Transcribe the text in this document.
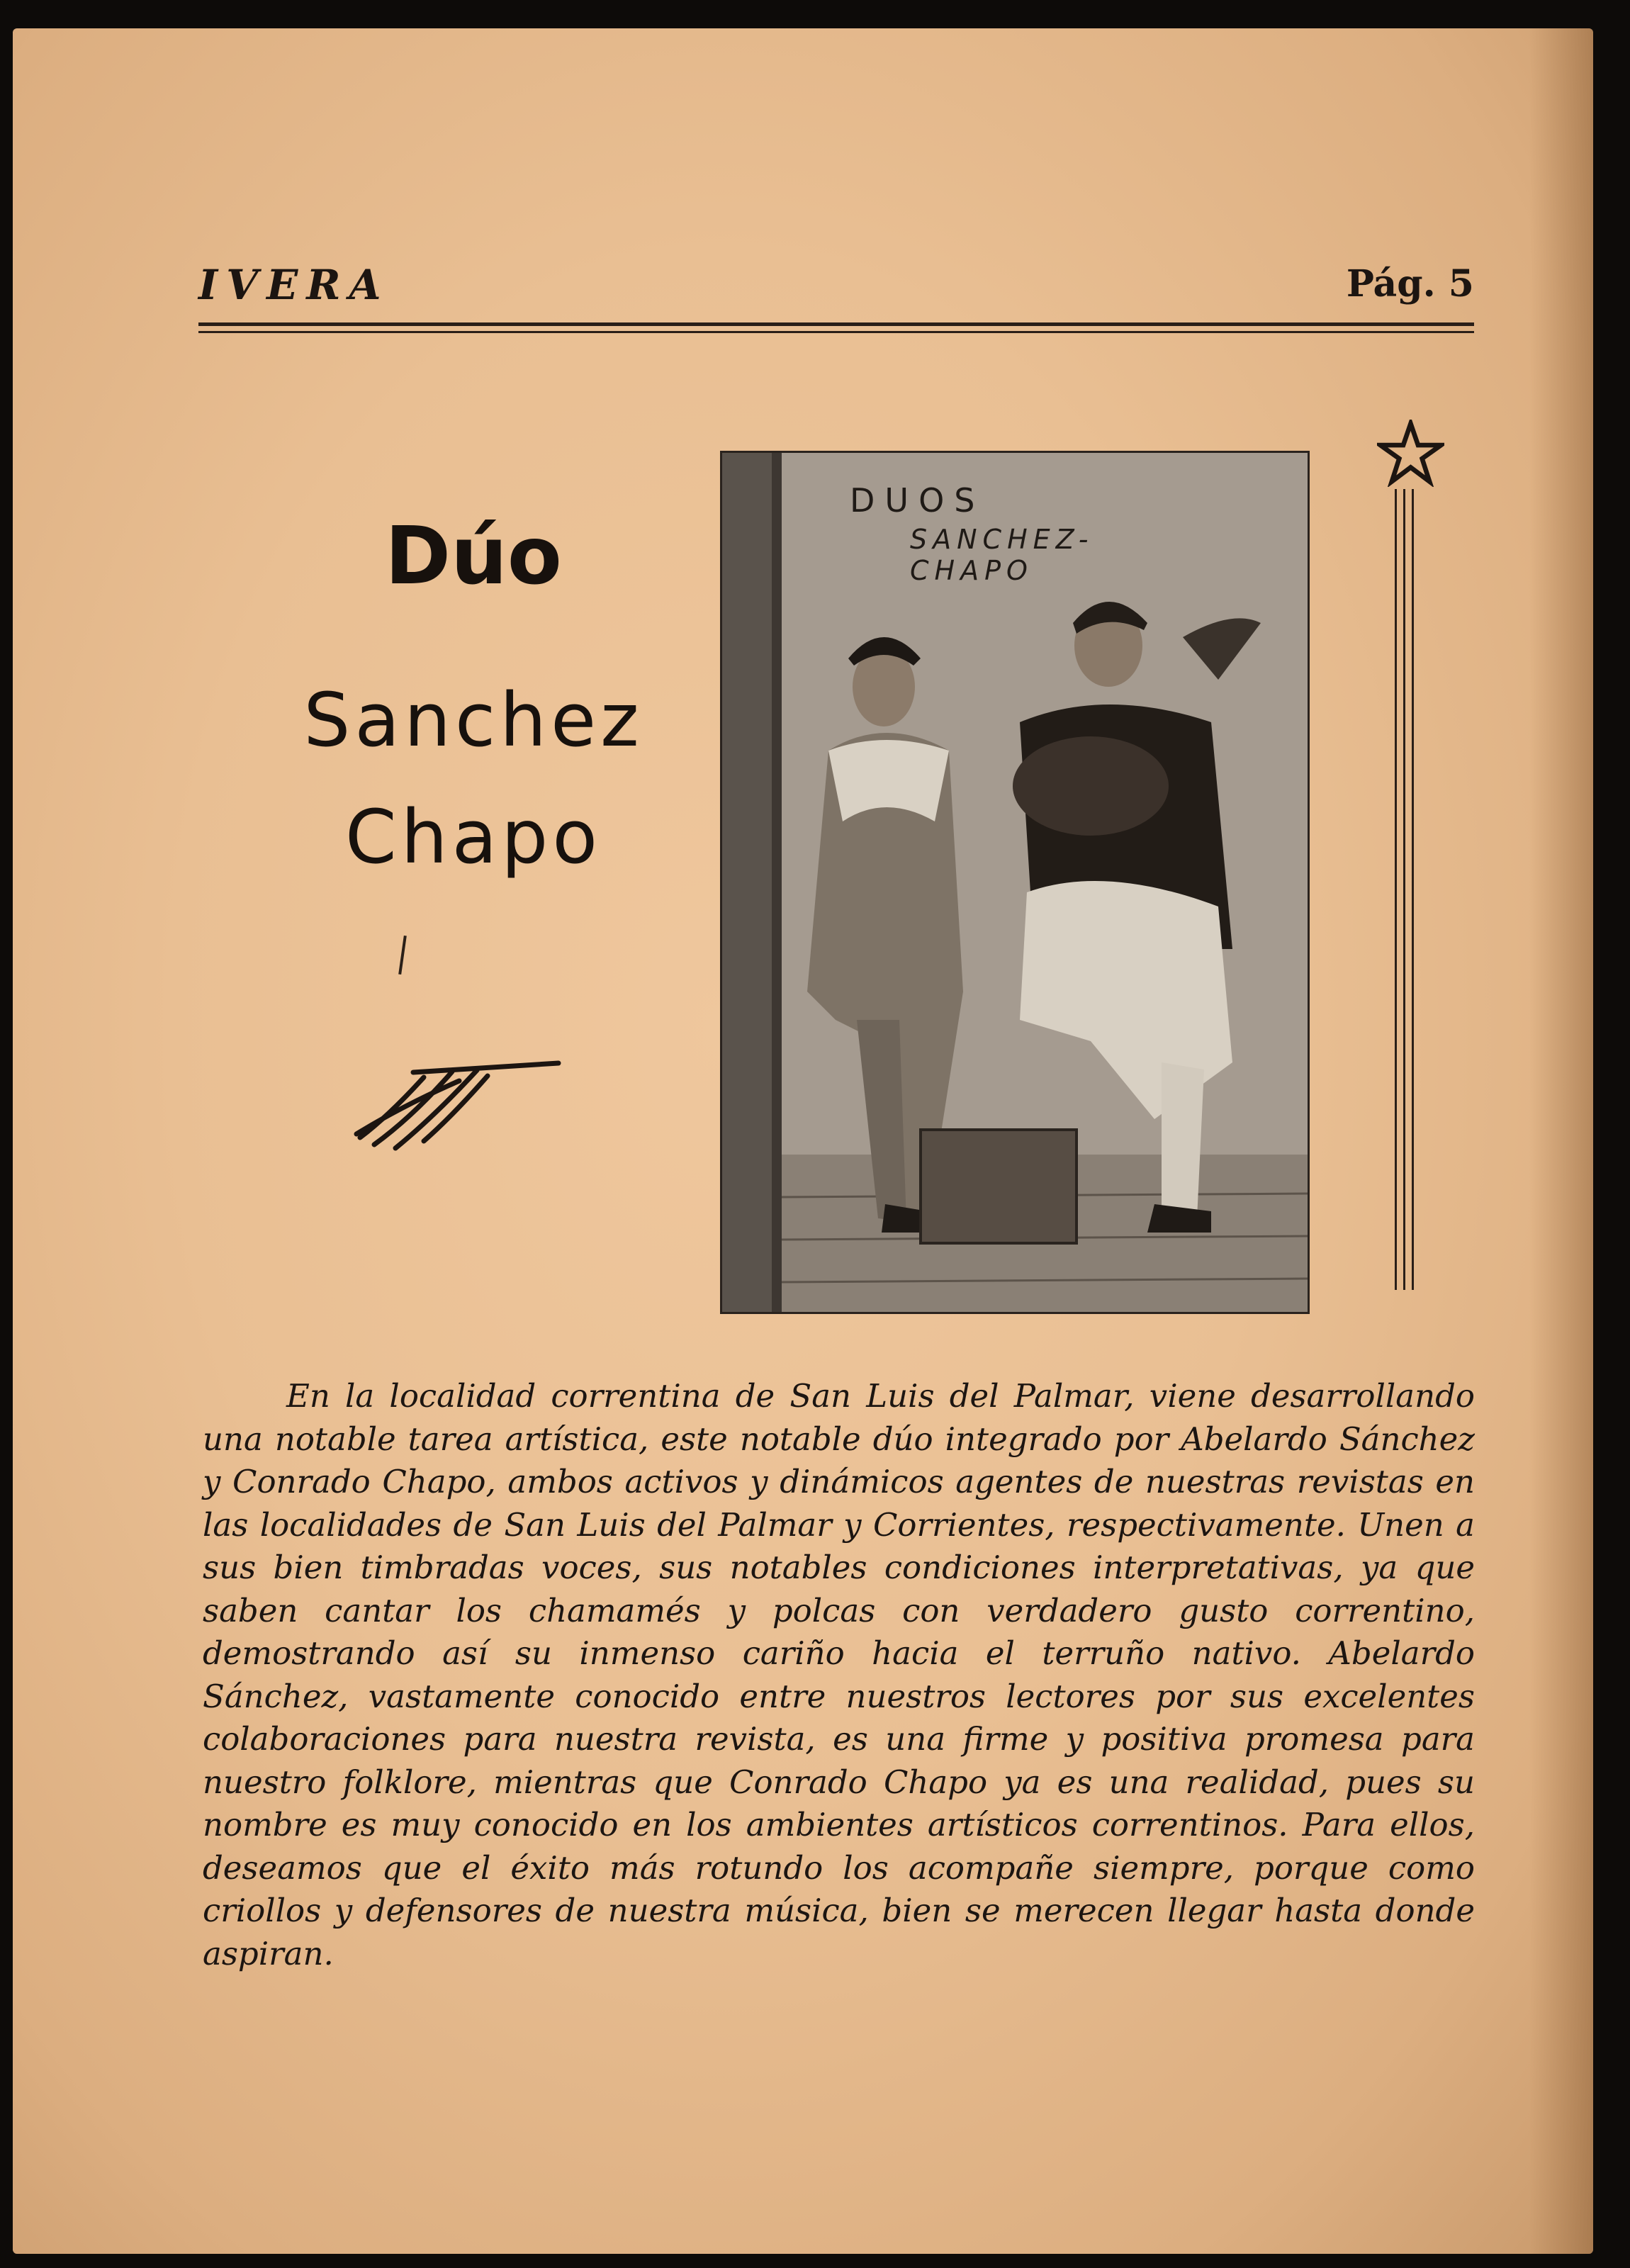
IVERA	Pág. 5
Dúo
Sanchez
Chapo
DUOS
SANCHEZ-CHAPO

En la localidad correntina de San Luis del Palmar, viene desarrollando una notable tarea artística, este notable dúo integrado por Abelardo Sánchez y Conrado Chapo, ambos activos y dinámicos agentes de nuestras revistas en las localidades de San Luis del Palmar y Corrientes, respectivamente. Unen a sus bien timbradas voces, sus notables condiciones interpretativas, ya que saben cantar los chamamés y polcas con verdadero gusto correntino, demostrando así su inmenso cariño hacia el terruño nativo. Abelardo Sánchez, vastamente conocido entre nuestros lectores por sus excelentes colaboraciones para nuestra revista, es una firme y positiva promesa para nuestro folklore, mientras que Conrado Chapo ya es una realidad, pues su nombre es muy conocido en los ambientes artísticos correntinos. Para ellos, deseamos que el éxito más rotundo los acompañe siempre, porque como criollos y defensores de nuestra música, bien se merecen llegar hasta donde aspiran.
